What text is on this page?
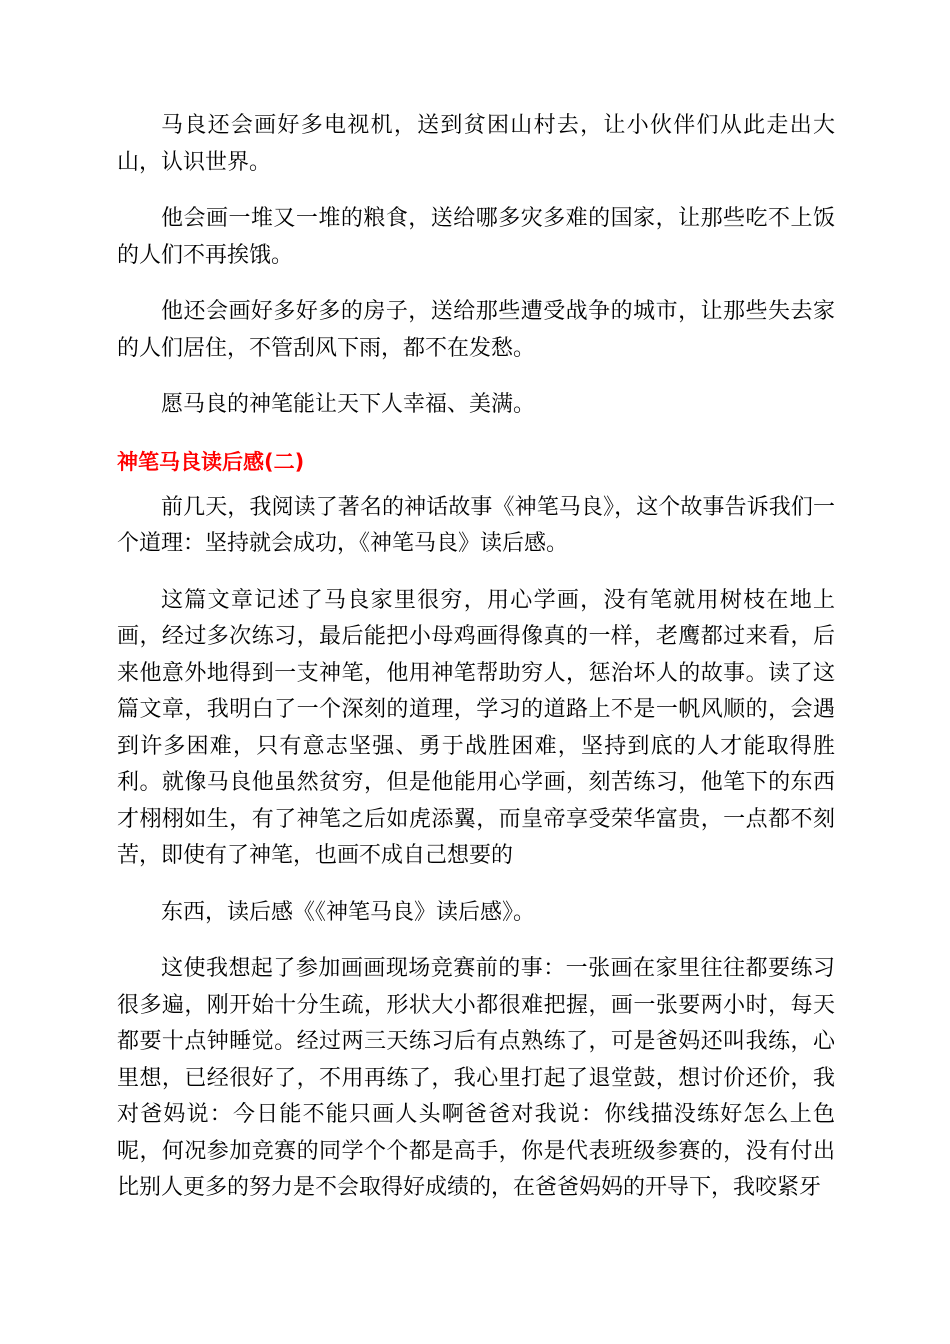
马良还会画好多电视机，送到贫困山村去，让小伙伴们从此走出大山，认识世界。

他会画一堆又一堆的粮食，送给哪多灾多难的国家，让那些吃不上饭的人们不再挨饿。

他还会画好多好多的房子，送给那些遭受战争的城市，让那些失去家的人们居住，不管刮风下雨，都不在发愁。

愿马良的神笔能让天下人幸福、美满。

神笔马良读后感(二)

前几天，我阅读了著名的神话故事《神笔马良》，这个故事告诉我们一个道理：坚持就会成功，《神笔马良》读后感。

这篇文章记述了马良家里很穷，用心学画，没有笔就用树枝在地上画，经过多次练习，最后能把小母鸡画得像真的一样，老鹰都过来看，后来他意外地得到一支神笔，他用神笔帮助穷人，惩治坏人的故事。读了这篇文章，我明白了一个深刻的道理，学习的道路上不是一帆风顺的，会遇到许多困难，只有意志坚强、勇于战胜困难，坚持到底的人才能取得胜利。就像马良他虽然贫穷，但是他能用心学画，刻苦练习，他笔下的东西才栩栩如生，有了神笔之后如虎添翼，而皇帝享受荣华富贵，一点都不刻苦，即使有了神笔，也画不成自己想要的

东西，读后感《《神笔马良》读后感》。

这使我想起了参加画画现场竞赛前的事：一张画在家里往往都要练习很多遍，刚开始十分生疏，形状大小都很难把握，画一张要两小时，每天都要十点钟睡觉。经过两三天练习后有点熟练了，可是爸妈还叫我练，心里想，已经很好了，不用再练了，我心里打起了退堂鼓，想讨价还价，我对爸妈说：今日能不能只画人头啊爸爸对我说：你线描没练好怎么上色呢，何况参加竞赛的同学个个都是高手，你是代表班级参赛的，没有付出比别人更多的努力是不会取得好成绩的，在爸爸妈妈的开导下，我咬紧牙
